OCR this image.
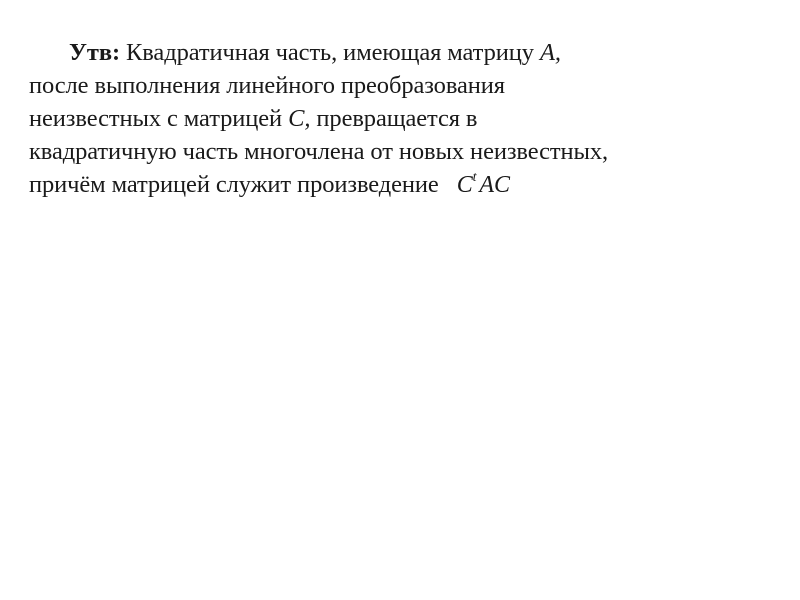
Утв: Квадратичная часть, имеющая матрицу A,
после выполнения линейного преобразования
неизвестных с матрицей C, превращается в
квадратичную часть многочлена от новых неизвестных,
причём матрицей служит произведение $C^t$ AC
